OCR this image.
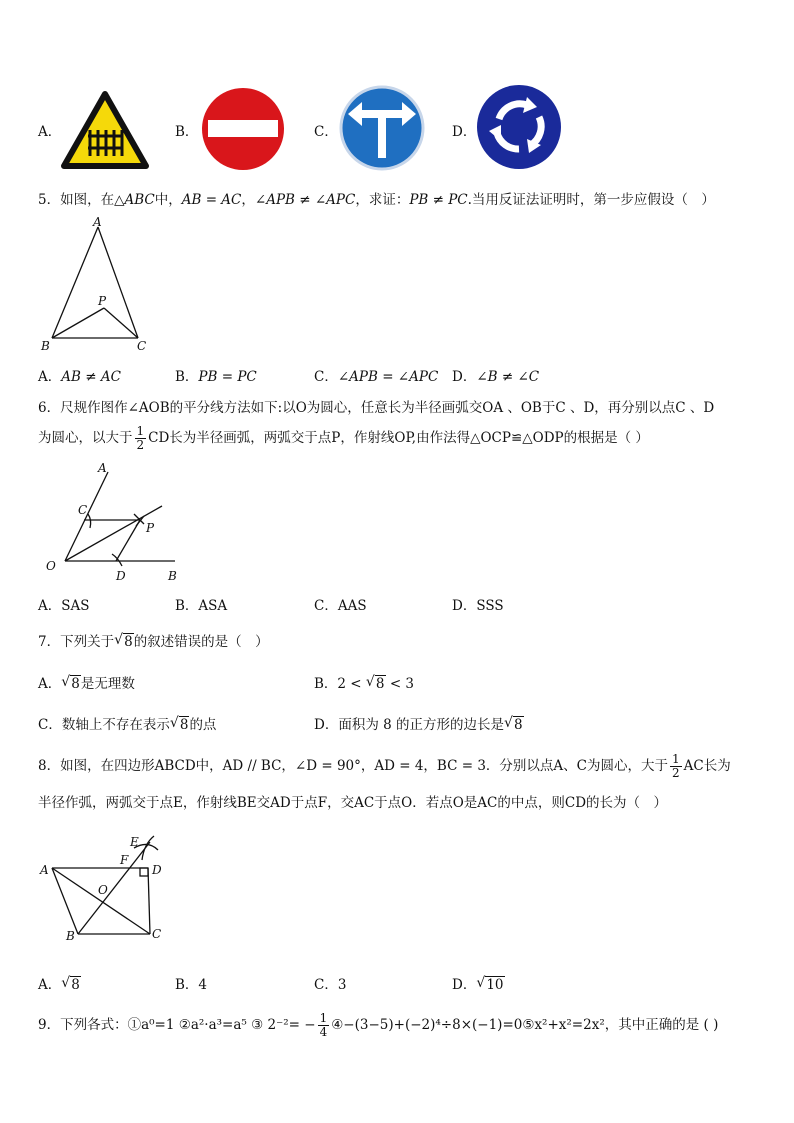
A．	B．	C．	D．
5．如图，在△ABC中，AB = AC，∠APB ≠ ∠APC，求证：PB ≠ PC.当用反证法证明时，第一步应假设（　）
A
B	C
P
A．AB ≠ AC	B．PB = PC	C．∠APB = ∠APC D．∠B ≠ ∠C
6．尺规作图作∠AOB的平分线方法如下:以O为圆心，任意长为半径画弧交OA 、OB于C 、D，再分别以点C 、D
为圆心，以大于 $\frac{1}{2}$ CD长为半径画弧，两弧交于点P，作射线OP,由作法得△OCP≌△ODP的根据是（ ）
A
C
P
O
D	B
A．SAS	B．ASA	C．AAS	D．SSS
7．下列关于 √ 8的叙述错误的是（　）
A． √ 8是无理数	B．2 < √ 8 < 3
C．数轴上不存在表示 √ 8的点	D．面积为 8 的正方形的边长是 √ 8
8．如图，在四边形ABCD中，AD // BC，∠D = 90°，AD = 4，BC = 3．分别以点A、C为圆心，大于 $\frac{1}{2}$ AC长为
半径作弧，两弧交于点E，作射线BE交AD于点F，交AC于点O．若点O是AC的中点，则CD的长为（　）
E
F
D
A
O
B	C
A． √ 8	B．4	C．3	D． √ 10
9．下列各式：①a⁰=1 ②a²·a³=a⁵ ③ $2^{-2}= - \frac{1}{4}$ ④−(3−5)+(−2)⁴÷8×(−1)=0⑤x²+x²=2x²，其中正确的是 ( )
